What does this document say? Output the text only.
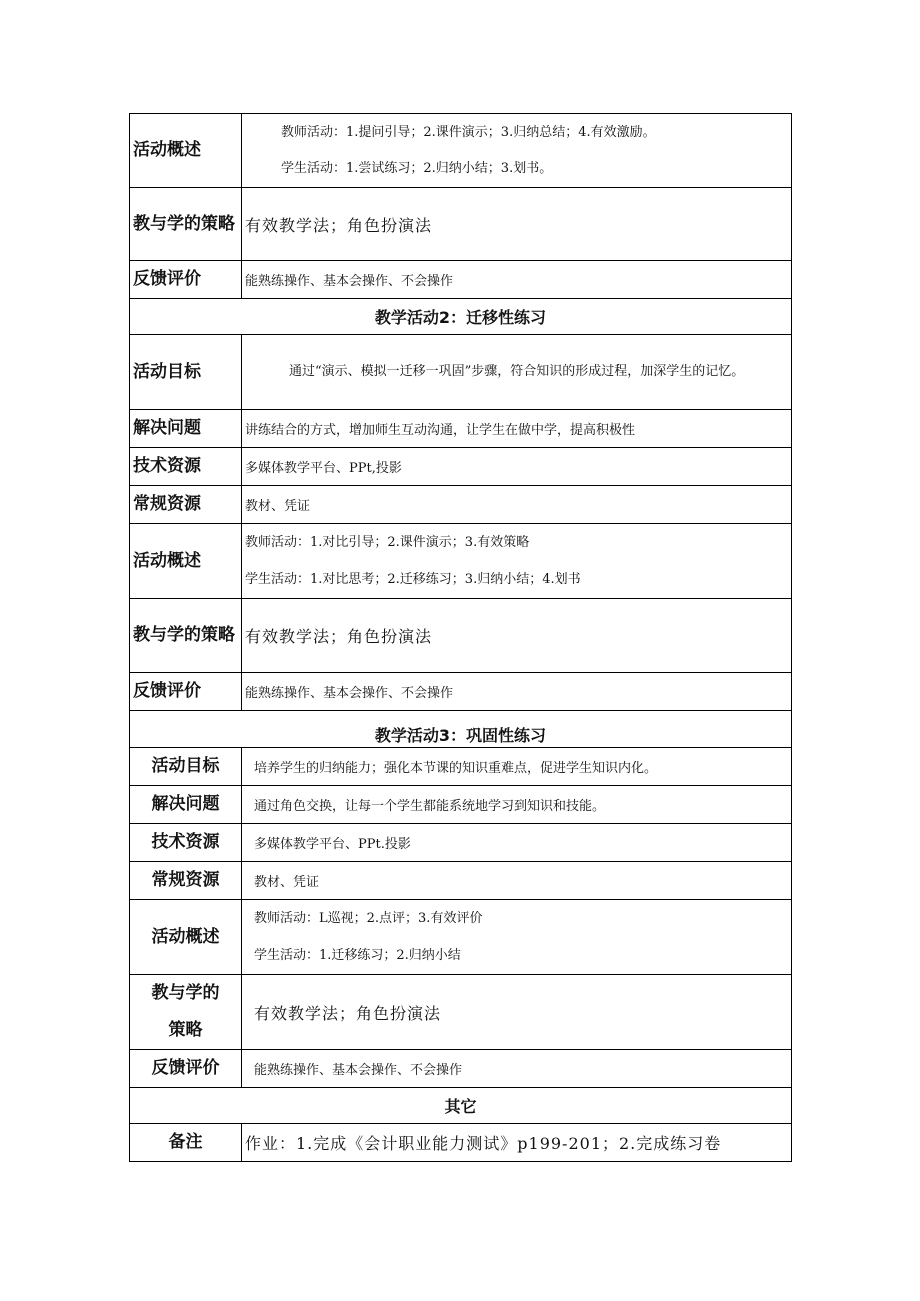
活动概述	教师活动：1.提问引导；2.课件演示；3.归纳总结；4.有效激励。
学生活动：1.尝试练习；2.归纳小结；3.划书。

教与学的策略	有效教学法；角色扮演法
反馈评价	能熟练操作、基本会操作、不会操作
教学活动2：迁移性练习	
活动目标	通过“演示、模拟一迁移一巩固”步骤，符合知识的形成过程，加深学生的记忆。
解决问题	讲练结合的方式，增加师生互动沟通，让学生在做中学，提高积极性
技术资源	多媒体教学平台、PPt,投影
常规资源	教材、凭证
活动概述	教师活动：1.对比引导；2.课件演示；3.有效策略
学生活动：1.对比思考；2.迁移练习；3.归纳小结；4.划书

教与学的策略	有效教学法；角色扮演法
反馈评价	能熟练操作、基本会操作、不会操作
教学活动3：巩固性练习	
活动目标	培养学生的归纳能力；强化本节课的知识重难点，促进学生知识内化。
解决问题	通过角色交换，让每一个学生都能系统地学习到知识和技能。
技术资源	多媒体教学平台、PPt.投影
常规资源	教材、凭证
活动概述	教师活动：L巡视；2.点评；3.有效评价
学生活动：1.迁移练习；2.归纳小结

教与学的策略	有效教学法；角色扮演法
反馈评价	能熟练操作、基本会操作、不会操作
其它	
备注	作业：1.完成《会计职业能力测试》p199-201；2.完成练习卷
